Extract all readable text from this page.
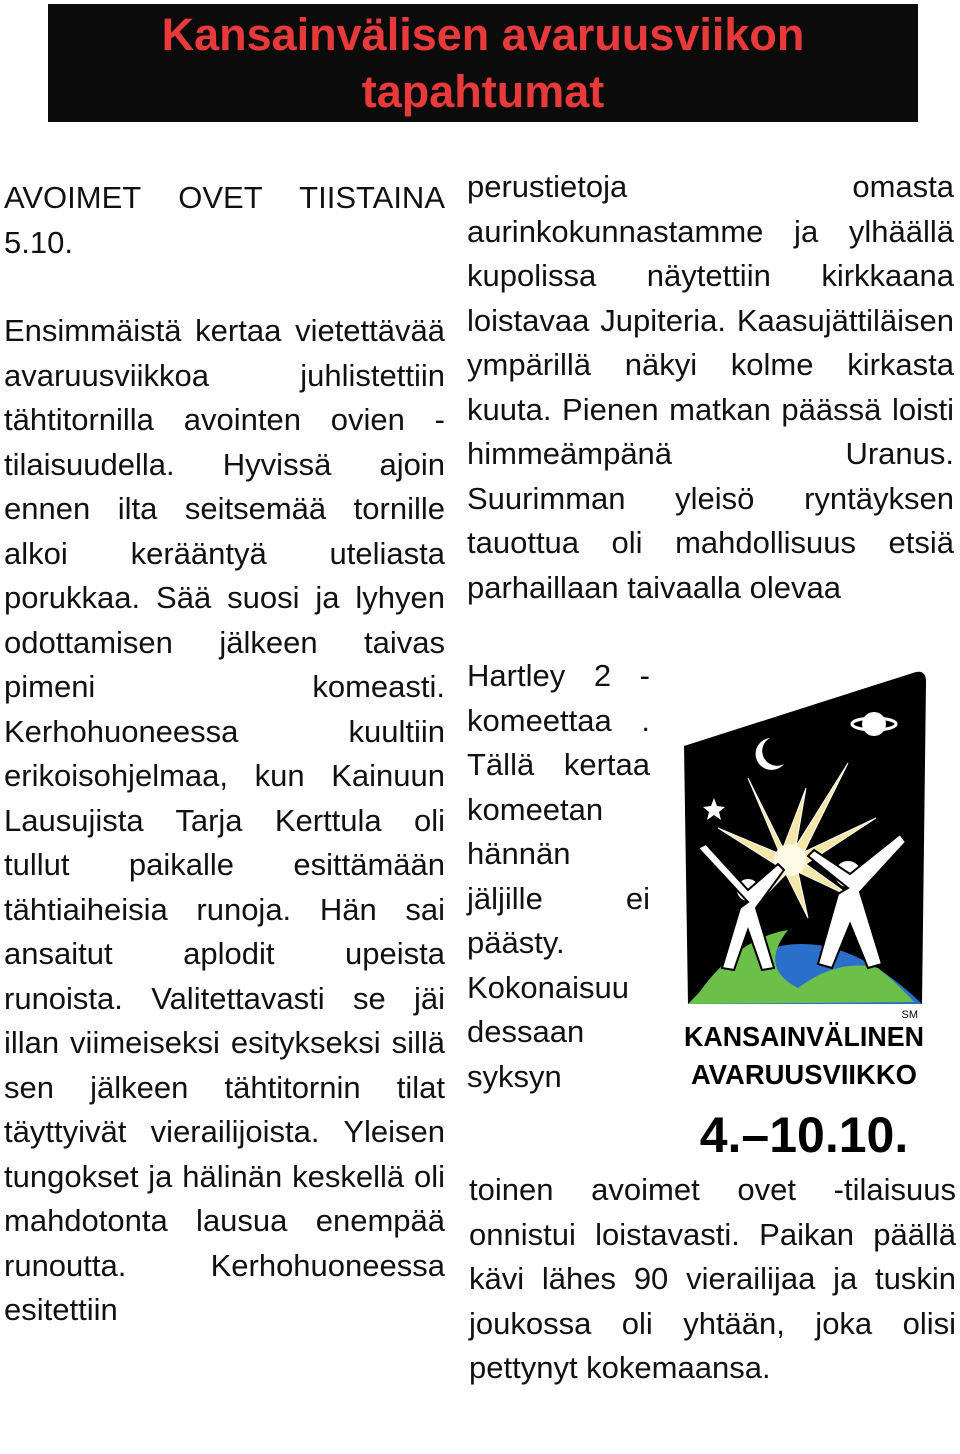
Kansainvälisen avaruusviikon

tapahtumat

AVOIMET OVET TIISTAINA 5.10.

Ensimmäistä kertaa vietettävää avaruusviikkoa juhlistettiin tähtitornilla avointen ovien -tilaisuudella. Hyvissä ajoin ennen ilta seitsemää tornille alkoi kerääntyä uteliasta porukkaa. Sää suosi ja lyhyen odottamisen jälkeen taivas pimeni komeasti. Kerhohuoneessa kuultiin erikoisohjelmaa, kun Kainuun Lausujista Tarja Kerttula oli tullut paikalle esittämään tähtiaiheisia runoja. Hän sai ansaitut aplodit upeista runoista. Valitettavasti se jäi illan viimeiseksi esitykseksi sillä sen jälkeen tähtitornin tilat täyttyivät vierailijoista. Yleisen tungokset ja hälinän keskellä oli mahdotonta lausua enempää runoutta. Kerhohuoneessa esitettiin

perustietoja omasta aurinkokunnastamme ja ylhäällä kupolissa näytettiin kirkkaana loistavaa Jupiteria. Kaasujättiläisen ympärillä näkyi kolme kirkasta kuuta. Pienen matkan päässä loisti himmeämpänä Uranus. Suurimman yleisö ryntäyksen tauottua oli mahdollisuus etsiä parhaillaan taivaalla olevaa

Hartley 2 -komeettaa . Tällä kertaa komeetan hännän jäljille ei päästy. Kokonaisuu dessaan syksyn

toinen avoimet ovet -tilaisuus onnistui loistavasti. Paikan päällä kävi lähes 90 vierailijaa ja tuskin joukossa oli yhtään, joka olisi pettynyt kokemaansa.

SM
KANSAINVÄLINEN
AVARUUSVIIKKO
4.–10.10.
